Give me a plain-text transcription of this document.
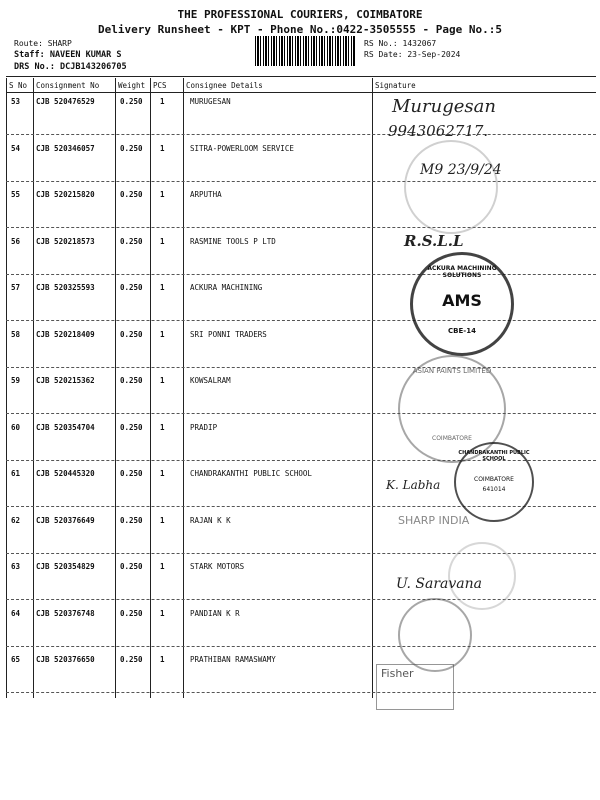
THE PROFESSIONAL COURIERS, COIMBATORE
Delivery Runsheet - KPT - Phone No.:0422-3505555 - Page No.:5
Route: SHARP
Staff: NAVEEN KUMAR S
DRS No.: DCJB143206705
RS No.: 1432067
RS Date: 23-Sep-2024
S No Consignment No	Weight PCS	Consignee Details	Signature
53 CJB 520476529	0.250 1	MURUGESAN
54 CJB 520346057	0.250 1	SITRA-POWERLOOM SERVICE
55 CJB 520215820	0.250 1	ARPUTHA
56 CJB 520218573	0.250 1	RASMINE TOOLS P LTD
57 CJB 520325593	0.250 1	ACKURA MACHINING
58 CJB 520218409	0.250 1	SRI PONNI TRADERS
59 CJB 520215362	0.250 1	KOWSALRAM
60 CJB 520354704	0.250 1	PRADIP
61 CJB 520445320	0.250 1	CHANDRAKANTHI PUBLIC SCHOOL
62 CJB 520376649	0.250 1	RAJAN K K
63 CJB 520354829	0.250 1	STARK MOTORS
64 CJB 520376748	0.250 1	PANDIAN K R
65 CJB 520376650	0.250 1	PRATHIBAN RAMASWAMY
Murugesan
9943062717.
M9 23/9/24
R.S.L.L
ACKURA MACHINING SOLUTIONS
AMS
CBE-14
ASIAN PAINTS LIMITED
COIMBATORE
K. Labha
CHANDRAKANTHI PUBLIC SCHOOL
COIMBATORE
641014
SHARP INDIA
U. Saravana
Fisher
